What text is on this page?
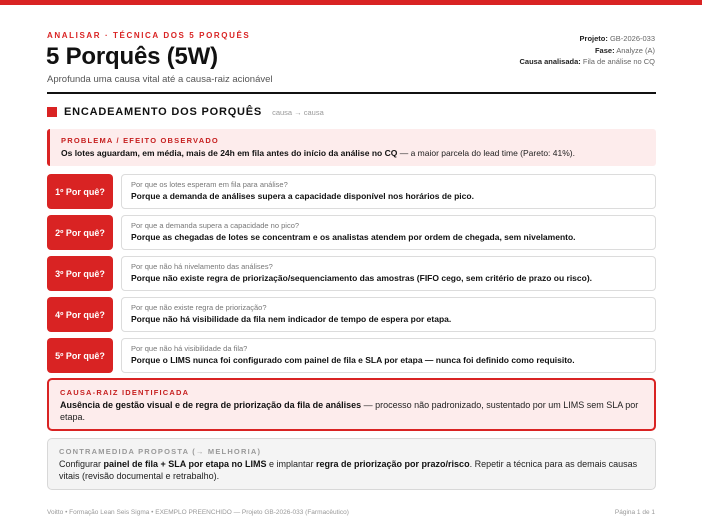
ANALISAR · TÉCNICA DOS 5 PORQUÊS
5 Porquês (5W)
Aprofunda uma causa vital até a causa-raiz acionável
Projeto: GB-2026-033
Fase: Analyze (A)
Causa analisada: Fila de análise no CQ
ENCADEAMENTO DOS PORQUÊS causa → causa
PROBLEMA / EFEITO OBSERVADO
Os lotes aguardam, em média, mais de 24h em fila antes do início da análise no CQ — a maior parcela do lead time (Pareto: 41%).
1º Por quê?
Por que os lotes esperam em fila para análise?
Porque a demanda de análises supera a capacidade disponível nos horários de pico.
2º Por quê?
Por que a demanda supera a capacidade no pico?
Porque as chegadas de lotes se concentram e os analistas atendem por ordem de chegada, sem nivelamento.
3º Por quê?
Por que não há nivelamento das análises?
Porque não existe regra de priorização/sequenciamento das amostras (FIFO cego, sem critério de prazo ou risco).
4º Por quê?
Por que não existe regra de priorização?
Porque não há visibilidade da fila nem indicador de tempo de espera por etapa.
5º Por quê?
Por que não há visibilidade da fila?
Porque o LIMS nunca foi configurado com painel de fila e SLA por etapa — nunca foi definido como requisito.
CAUSA-RAIZ IDENTIFICADA
Ausência de gestão visual e de regra de priorização da fila de análises — processo não padronizado, sustentado por um LIMS sem SLA por etapa.
CONTRAMEDIDA PROPOSTA (→ MELHORIA)
Configurar painel de fila + SLA por etapa no LIMS e implantar regra de priorização por prazo/risco. Repetir a técnica para as demais causas vitais (revisão documental e retrabalho).
Voitto • Formação Lean Seis Sigma • EXEMPLO PREENCHIDO — Projeto GB-2026-033 (Farmacêutico)	Página 1 de 1
